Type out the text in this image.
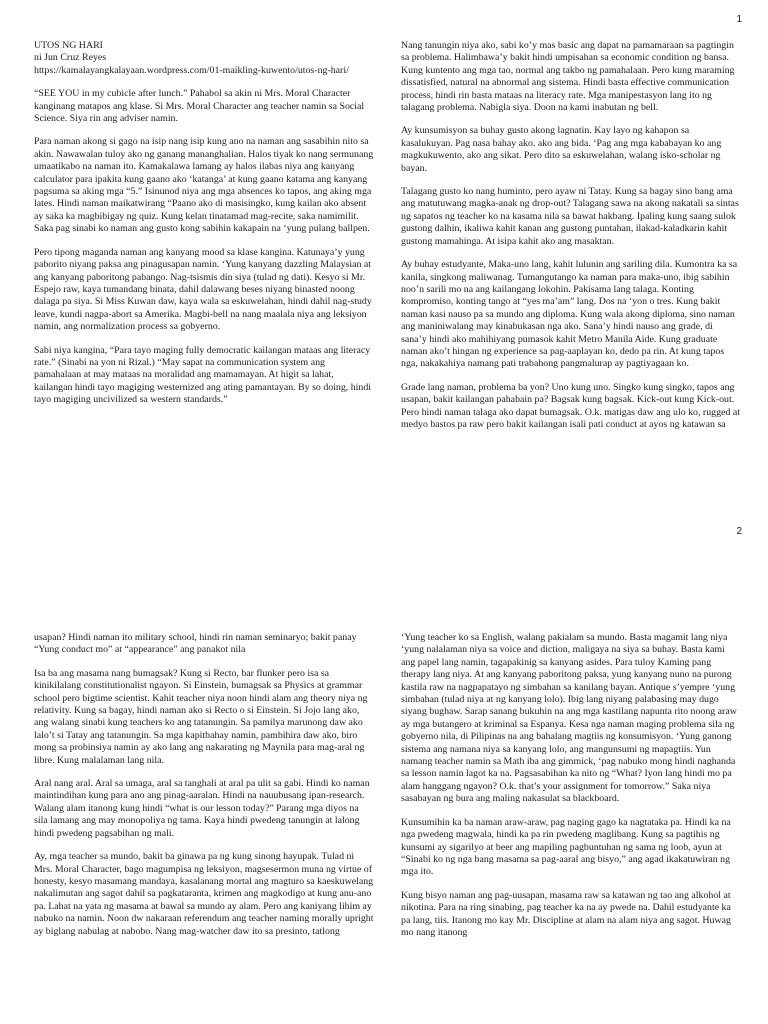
1

UTOS NG HARI
ni Jun Cruz Reyes
https://kamalayangkalayaan.wordpress.com/01-maikling-kuwento/utos-ng-hari/

“SEE YOU in my cubicle after lunch.” Pahabol sa akin ni Mrs. Moral Character kanginang matapos ang klase. Si Mrs. Moral Character ang teacher namin sa Social Science. Siya rin ang adviser namin.

Para naman akong si gago na isip nang isip kung ano na naman ang sasabihin nito sa akin. Nawawalan tuloy ako ng ganang mananghalian. Halos tiyak ko nang sermunang umaatikabo na naman ito. Kamakalawa lamang ay halos ilabas niya ang kanyang calculator para ipakita kung gaano ako ‘katanga’ at kung gaano katama ang kanyang pagsuma sa aking mga “5.” Isinunod niya ang mga absences ko tapos, ang aking mga lates. Hindi naman maikatwirang “Paano ako di masisingko, kung kailan ako absent ay saka ka magbibigay ng quiz. Kung kelan tinatamad mag-recite, saka namimilit. Saka pag sinabi ko naman ang gusto kong sabihin kakapain na ‘yung pulang ballpen.

Pero tipong maganda naman ang kanyang mood sa klase kangina. Katunaya’y yung paborito niyang paksa ang pinagusapan namin. ‘Yung kanyang dazzling Malaysian at ang kanyang paboritong pabango. Nag-tsismis din siya (tulad ng dati). Kesyo si Mr. Espejo raw, kaya tumandang binata, dahil dalawang beses niyang binasted noong dalaga pa siya. Si Miss Kuwan daw, kaya wala sa eskuwelahan, hindi dahil nag-study leave, kundi nagpa-abort sa Amerika. Magbi-bell na nang maalala niya ang leksiyon namin, ang normalization process sa gobyerno.

Sabi niya kangina, “Para tayo maging fully democratic kailangan mataas ang literacy rate.” (Sinabi na yon ni Rizal.) “May sapat na communication system ang pamahalaan at may mataas na moralidad ang mamamayan. At higit sa lahat, kailangan hindi tayo magiging westernized ang ating pamantayan. By so doing, hindi tayo magiging uncivilized sa western standards.”

Nang tanungin niya ako, sabi ko’y mas basic ang dapat na pamamaraan sa pagtingin sa problema. Halimbawa’y bakit hindi umpisahan sa economic condition ng bansa. Kung kuntento ang mga tao, normal ang takbo ng pamahalaan. Pero kung maraming dissatisfied, natural na abnormal ang sistema. Hindi basta effective communication process, hindi rin basta mataas na literacy rate. Mga manipestasyon lang ito ng talagang problema. Nabigla siya. Doon na kami inabutan ng bell.

Ay kunsumisyon sa buhay gusto akong lagnatin. Kay layo ng kahapon sa kasalukuyan. Pag nasa bahay ako. ako ang bida. ‘Pag ang mga kababayan ko ang magkukuwento, ako ang sikat. Pero dito sa eskuwelahan, walang isko-scholar ng bayan.

Talagang gusto ko nang huminto, pero ayaw ni Tatay. Kung sa bagay sino bang ama ang matutuwang magka-anak ng drop-out? Talagang sawa na akong nakatali sa sintas ng sapatos ng teacher ko na kasama nila sa bawat hakbang. Ipaling kung saang sulok gustong dalhin, ikaliwa kahit kanan ang gustong puntahan, ilakad-kaladkarin kahit gustong mamahinga. At isipa kahit ako ang masaktan.

Ay buhay estudyante, Maka-uno lang, kahit lulunin ang sariling dila. Kumontra ka sa kanila, singkong maliwanag. Tumangutango ka naman para maka-uno, ibig sabihin noo’n sarili mo na ang kailangang lokohin. Pakisama lang talaga. Konting kompromiso, konting tango at “yes ma’am” lang. Dos na ‘yon o tres. Kung bakit naman kasi nauso pa sa mundo ang diploma. Kung wala akong diploma, sino naman ang maniniwalang may kinabukasan nga ako. Sana’y hindi nauso ang grade, di sana’y hindi ako mahihiyang pumasok kahit Metro Manila Aide. Kung graduate naman ako’t hingan ng experience sa pag-aaplayan ko, dedo pa rin. At kung tapos nga, nakakahiya namang pati trabahong pangmalurap ay pagtiyagaan ko.

Grade lang naman, problema ba yon? Uno kung uno. Singko kung singko, tapos ang usapan, bakit kailangan pahabain pa? Bagsak kung bagsak. Kick-out kung Kick-out. Pero hindi naman talaga ako dapat bumagsak. O.k. matigas daw ang ulo ko, rugged at medyo bastos pa raw pero bakit kailangan isali pati conduct at ayos ng katawan sa

2

usapan? Hindi naman ito military school, hindi rin naman seminaryo; bakit panay “Yung conduct mo” at “appearance” ang panakot nila

Isa ba ang masama nang bumagsak? Kung si Recto, bar flunker pero isa sa kinikilalang constitutionalist ngayon. Si Einstein, bumagsak sa Physics at grammar school pero bigtime scientist. Kahit teacher niya noon hindi alam ang theory niya ng relativity. Kung sa bagay, hindi naman ako si Recto o si Einstein. Si Jojo lang ako, ang walang sinabi kung teachers ko ang tatanungin. Sa pamilya marunong daw ako lalo’t si Tatay ang tatanungin. Sa mga kapitbahay namin, pambihira daw ako, biro mong sa probinsiya namin ay ako lang ang nakarating ng Maynila para mag-aral ng libre. Kung malalaman lang nila.

Aral nang aral. Aral sa umaga, aral sa tanghali at aral pa ulit sa gabi. Hindi ko naman maintindihan kung para ano ang pinag-aaralan. Hindi na nauubusang ipan-research. Walang alam itanong kung hindi “what is our lesson today?” Parang mga diyos na sila lamang ang may monopoliya ng tama. Kaya hindi pwedeng tanungin at lalong hindi pwedeng pagsabihan ng mali.

Ay, mga teacher sa mundo, bakit ba ginawa pa ng kung sinong hayupak. Tulad ni Mrs. Moral Character, bago magumpisa ng leksiyon, magsesermon muna ng virtue of honesty, kesyo masamang mandaya, kasalanang mortal ang magturo sa kaeskuwelang nakalimutan ang sagot dahil sa pagkataranta, krimen ang magkodigo at kung anu-ano pa. Lahat na yata ng masama at bawal sa mundo ay alam. Pero ang kaniyang lihim ay nabuko na namin. Noon dw nakaraan referendum ang teacher naming morally upright ay biglang nabulag at nabobo. Nang mag-watcher daw ito sa presinto, tatlong

‘Yung teacher ko sa English, walang pakialam sa mundo. Basta magamit lang niya ‘yung nalalaman niya sa voice and diction, maligaya na siya sa buhay. Basta kami ang papel lang namin, tagapakinig sa kanyang asides. Para tuloy Kaming pang therapy lang niya. At ang kanyang paboritong paksa, yung kanyang nuno na purong kastila raw na nagpapatayo ng simbahan sa kanilang bayan. Antique s’yempre ‘yung simbahan (tulad niya at ng kanyang lolo). Ibig lang niyang palabasing may dugo siyang bughaw. Sarap sanang bukuhin na ang mga kastilang napunta rito noong araw ay mga butangero at kriminal sa Espanya. Kesa nga naman maging problema sila ng gobyerno nila, di Pilipinas na ang bahalang magtiis ng konsumisyon. ‘Yung ganong sistema ang namana niya sa kanyang lolo, ang mangunsumi ng mapagtiis. Yun namang teacher namin sa Math iba ang gimmick, ‘pag nabuko mong hindi naghanda sa lesson namin lagot ka na. Pagsasabihan ka nito ng “What? Iyon lang hindi mo pa alam hanggang ngayon? O.k. that’s your assignment for tomorrow.” Saka niya sasabayan ng bura ang maling nakasulat sa blackboard.

Kunsumihin ka ba naman araw-araw, pag naging gago ka nagtataka pa. Hindi ka na nga pwedeng magwala, hindi ka pa rin pwedeng maglibang. Kung sa pagtihis ng kunsumi ay sigarilyo at beer ang mapiling pagbuntuhan ng sama ng loob, ayun at “Sinabi ko ng nga bang masama sa pag-aaral ang bisyo,” ang agad ikakatuwiran ng mga ito.

Kung bisyo naman ang pag-uusapan, masama raw sa katawan ng tao ang alkohol at nikotina. Para na ring sinabing, pag teacher ka na ay pwede na. Dahil estudyante ka pa lang, tiis. Itanong mo kay Mr. Discipline at alam na alam niya ang sagot. Huwag mo nang itanong
